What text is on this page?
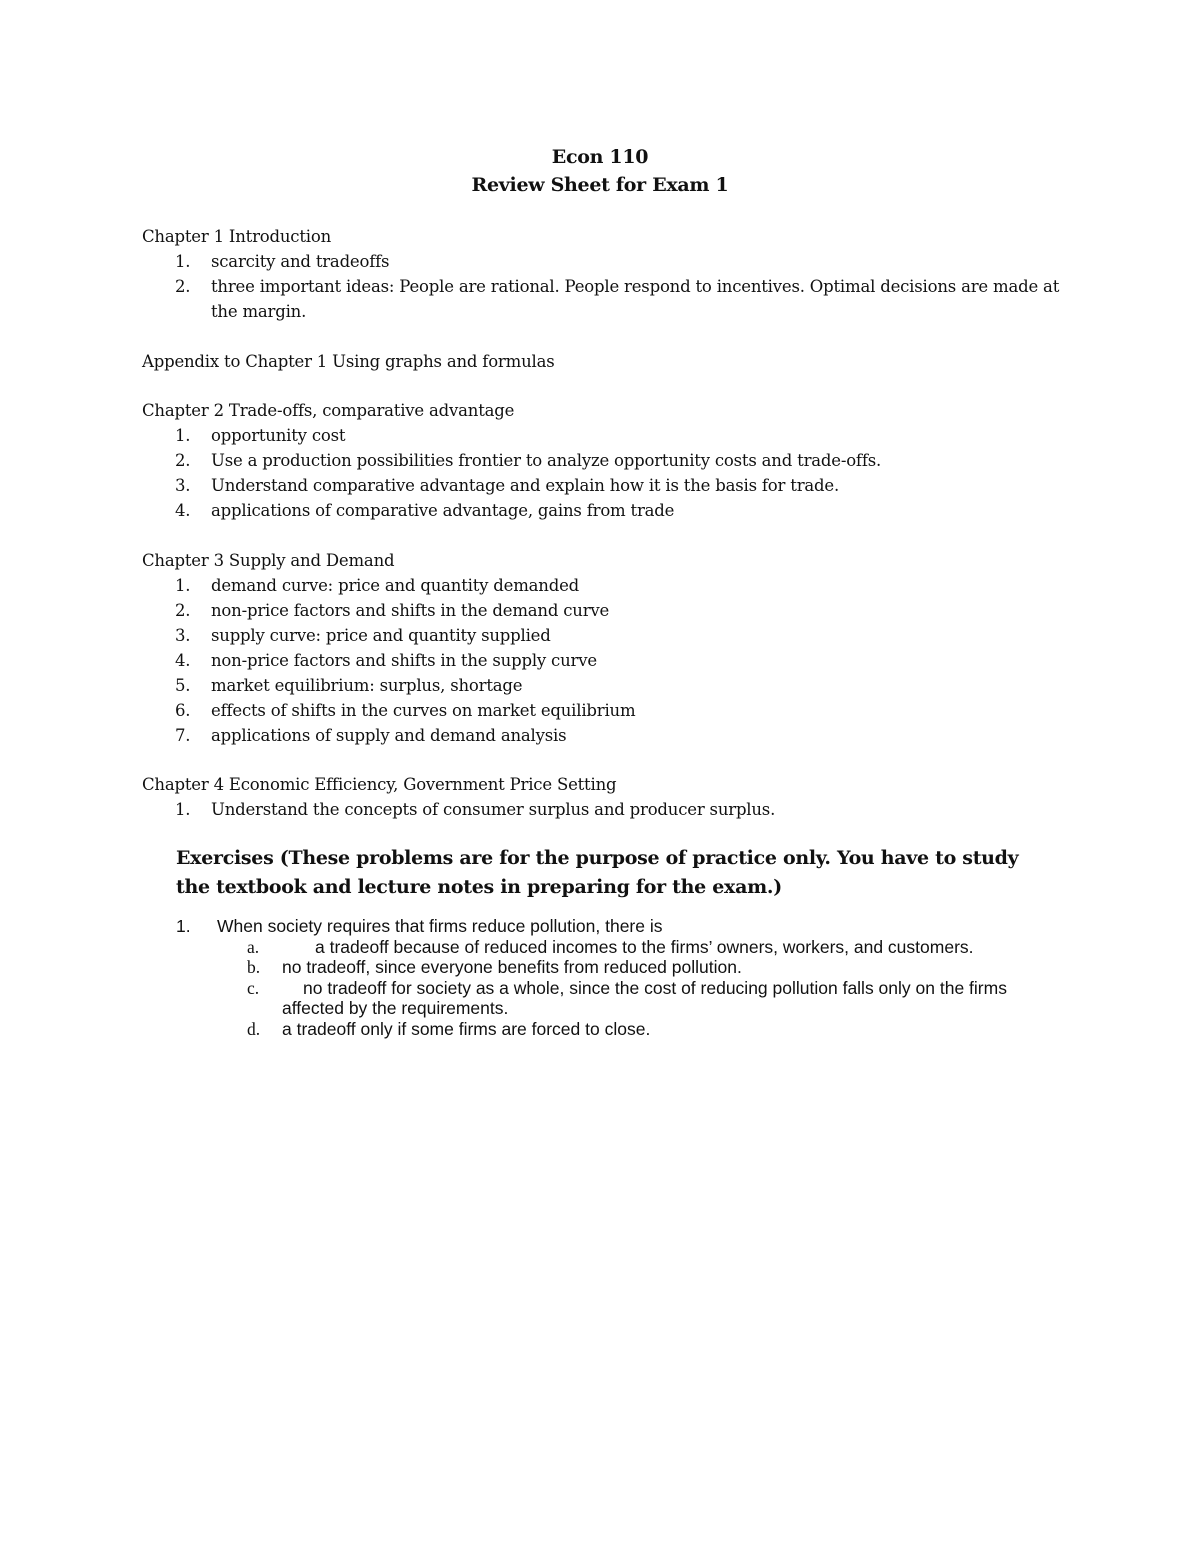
Econ 110
Review Sheet for Exam 1
Chapter 1 Introduction
1. scarcity and tradeoffs
2. three important ideas: People are rational. People respond to incentives. Optimal decisions are made at the margin.
Appendix to Chapter 1 Using graphs and formulas
Chapter 2 Trade-offs, comparative advantage
1. opportunity cost
2. Use a production possibilities frontier to analyze opportunity costs and trade-offs.
3. Understand comparative advantage and explain how it is the basis for trade.
4. applications of comparative advantage, gains from trade
Chapter 3 Supply and Demand
1. demand curve: price and quantity demanded
2. non-price factors and shifts in the demand curve
3. supply curve: price and quantity supplied
4. non-price factors and shifts in the supply curve
5. market equilibrium: surplus, shortage
6. effects of shifts in the curves on market equilibrium
7. applications of supply and demand analysis
Chapter 4 Economic Efficiency, Government Price Setting
1. Understand the concepts of consumer surplus and producer surplus.
Exercises (These problems are for the purpose of practice only. You have to study the textbook and lecture notes in preparing for the exam.)
1. When society requires that firms reduce pollution, there is
a.	a tradeoff because of reduced incomes to the firms’ owners, workers, and customers.
b. no tradeoff, since everyone benefits from reduced pollution.
c.	no tradeoff for society as a whole, since the cost of reducing pollution falls only on the firms affected by the requirements.
d. a tradeoff only if some firms are forced to close.
